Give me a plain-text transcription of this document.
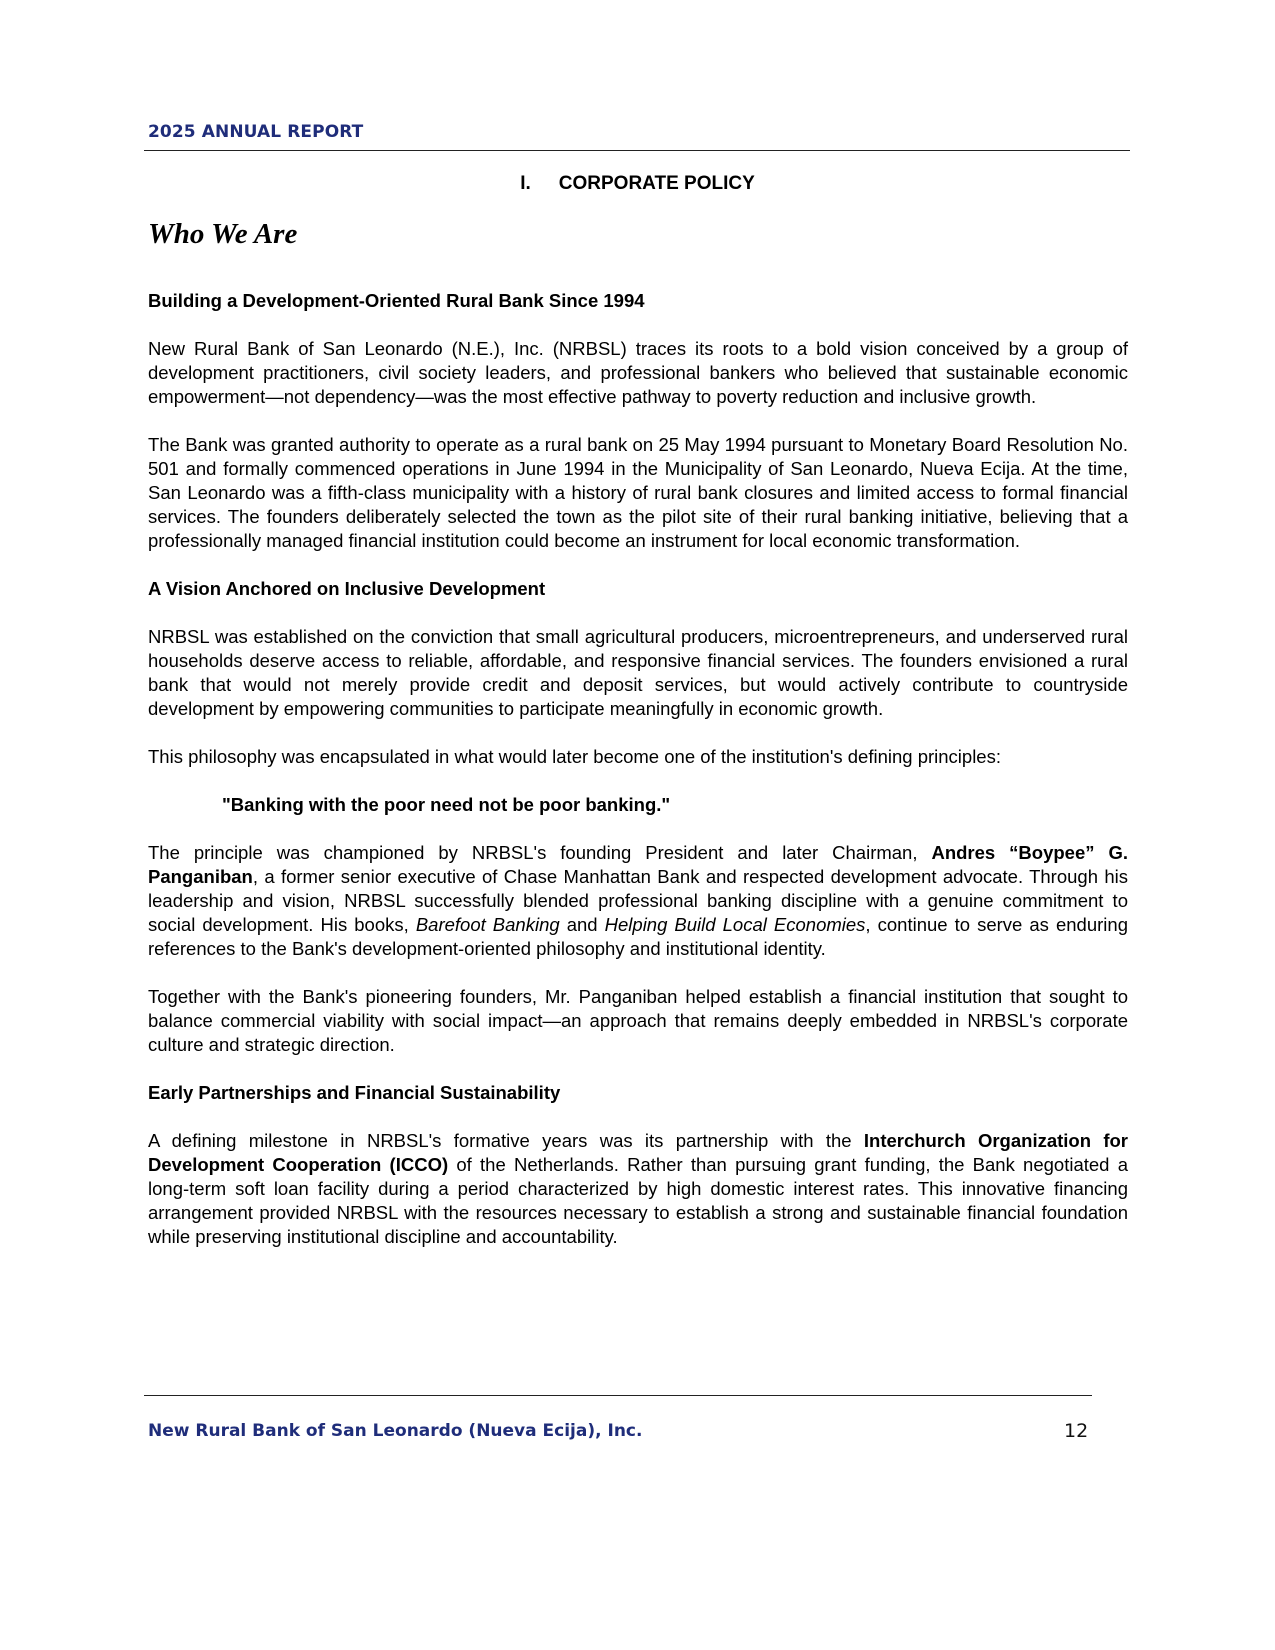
2025 ANNUAL REPORT
I. CORPORATE POLICY
Who We Are
Building a Development-Oriented Rural Bank Since 1994

New Rural Bank of San Leonardo (N.E.), Inc. (NRBSL) traces its roots to a bold vision conceived by a group of development practitioners, civil society leaders, and professional bankers who believed that sustainable economic empowerment—not dependency—was the most effective pathway to poverty reduction and inclusive growth.

The Bank was granted authority to operate as a rural bank on 25 May 1994 pursuant to Monetary Board Resolution No. 501 and formally commenced operations in June 1994 in the Municipality of San Leonardo, Nueva Ecija. At the time, San Leonardo was a fifth-class municipality with a history of rural bank closures and limited access to formal financial services. The founders deliberately selected the town as the pilot site of their rural banking initiative, believing that a professionally managed financial institution could become an instrument for local economic transformation.

A Vision Anchored on Inclusive Development

NRBSL was established on the conviction that small agricultural producers, microentrepreneurs, and underserved rural households deserve access to reliable, affordable, and responsive financial services. The founders envisioned a rural bank that would not merely provide credit and deposit services, but would actively contribute to countryside development by empowering communities to participate meaningfully in economic growth.

This philosophy was encapsulated in what would later become one of the institution's defining principles:

"Banking with the poor need not be poor banking."

The principle was championed by NRBSL's founding President and later Chairman, Andres “Boypee” G. Panganiban, a former senior executive of Chase Manhattan Bank and respected development advocate. Through his leadership and vision, NRBSL successfully blended professional banking discipline with a genuine commitment to social development. His books, Barefoot Banking and Helping Build Local Economies, continue to serve as enduring references to the Bank's development-oriented philosophy and institutional identity.

Together with the Bank's pioneering founders, Mr. Panganiban helped establish a financial institution that sought to balance commercial viability with social impact—an approach that remains deeply embedded in NRBSL's corporate culture and strategic direction.

Early Partnerships and Financial Sustainability

A defining milestone in NRBSL's formative years was its partnership with the Interchurch Organization for Development Cooperation (ICCO) of the Netherlands. Rather than pursuing grant funding, the Bank negotiated a long-term soft loan facility during a period characterized by high domestic interest rates. This innovative financing arrangement provided NRBSL with the resources necessary to establish a strong and sustainable financial foundation while preserving institutional discipline and accountability.

New Rural Bank of San Leonardo (Nueva Ecija), Inc.	12
